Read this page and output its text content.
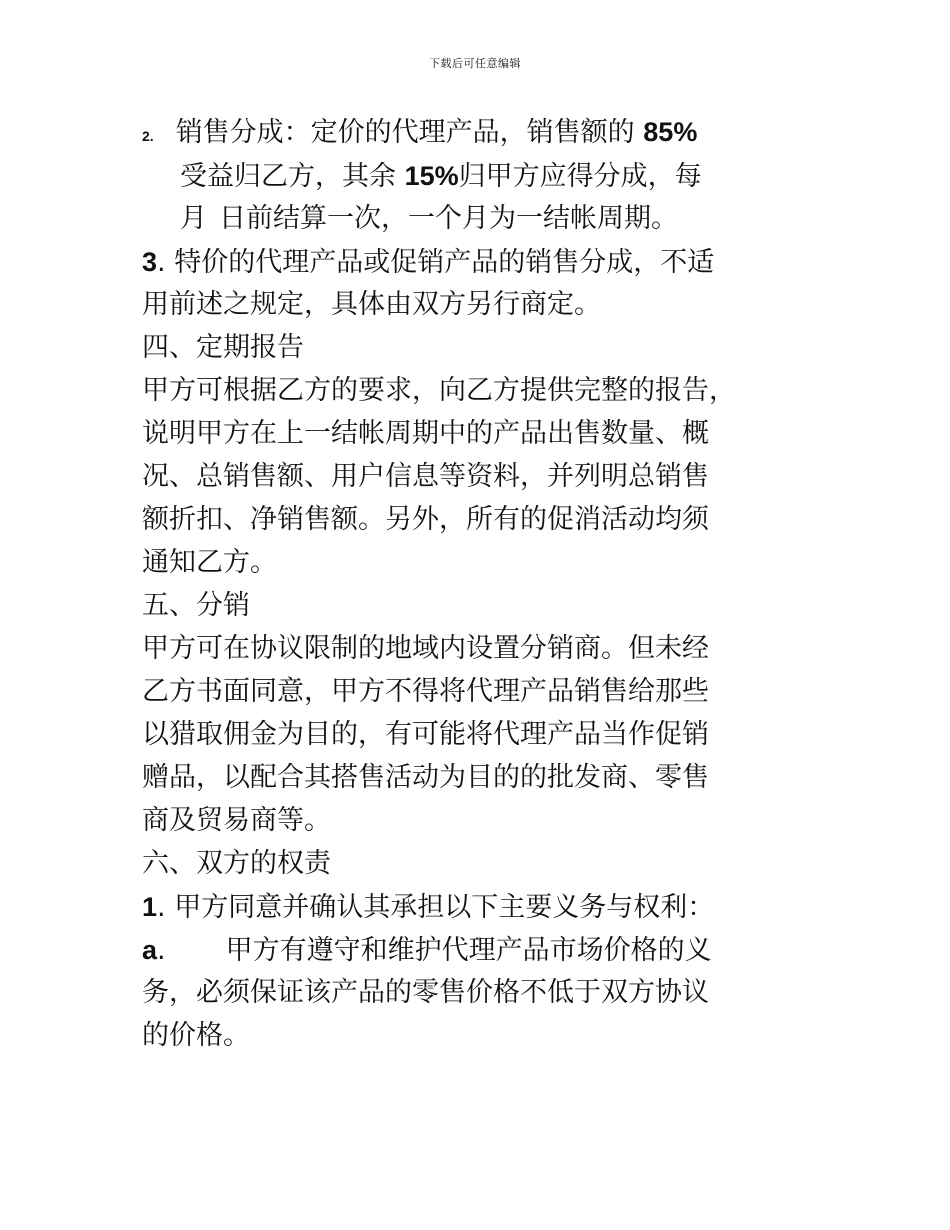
下载后可任意编辑
2. 销售分成：定价的代理产品，销售额的 85%
受益归乙方，其余 15%归甲方应得分成，每
月 日前结算一次，一个月为一结帐周期。
3. 特价的代理产品或促销产品的销售分成，不适
用前述之规定，具体由双方另行商定。
四、定期报告
甲方可根据乙方的要求，向乙方提供完整的报告，
说明甲方在上一结帐周期中的产品出售数量、概
况、总销售额、用户信息等资料，并列明总销售
额折扣、净销售额。另外，所有的促消活动均须
通知乙方。
五、分销
甲方可在协议限制的地域内设置分销商。但未经
乙方书面同意，甲方不得将代理产品销售给那些
以猎取佣金为目的，有可能将代理产品当作促销
赠品，以配合其搭售活动为目的的批发商、零售
商及贸易商等。
六、双方的权责
1. 甲方同意并确认其承担以下主要义务与权利：
a. 甲方有遵守和维护代理产品市场价格的义
务，必须保证该产品的零售价格不低于双方协议
的价格。
